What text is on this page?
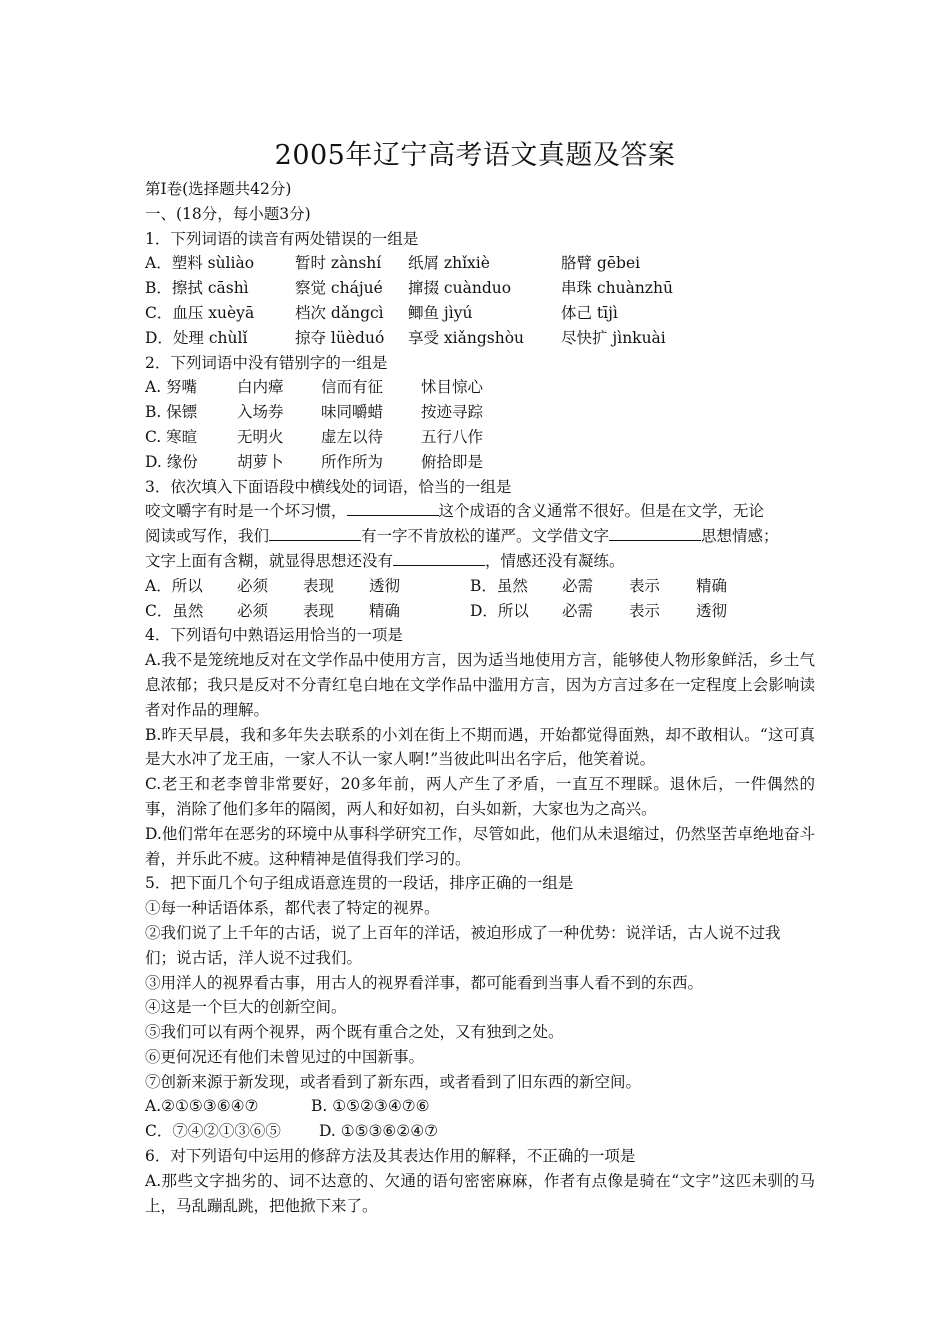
2005年辽宁高考语文真题及答案
第Ⅰ卷(选择题共42分)
一、(18分，每小题3分)
1．下列词语的读音有两处错误的一组是
A．塑料 sùliào	暂时 zànshí	纸屑 zhǐxiè	胳臂 gēbei
B．擦拭 cāshì	察觉 chájué	撺掇 cuànduo	串珠 chuànzhū
C．血压 xuèyā	档次 dǎngcì	鲫鱼 jìyú	体己 tījì
D．处理 chùlǐ	掠夺 lüèduó	享受 xiǎngshòu	尽快扩 jìnkuài
2．下列词语中没有错别字的一组是
A. 努嘴	白内瘴	信而有征	怵目惊心
B. 保镖	入场券	味同嚼蜡	按迹寻踪
C. 寒暄	无明火	虚左以待	五行八作
D. 缘份	胡萝卜	所作所为	俯拾即是
3．依次填入下面语段中横线处的词语，恰当的一组是
咬文嚼字有时是一个坏习惯，	这个成语的含义通常不很好。但是在文学，无论
阅读或写作，我们	有一字不肯放松的谨严。文学借文字	思想情感；
文字上面有含糊，就显得思想还没有	，情感还没有凝练。
A．所以	必须	表现	透彻	B．虽然	必需	表示	精确
C．虽然	必须	表现	精确	D．所以	必需	表示	透彻
4．下列语句中熟语运用恰当的一项是
A.我不是笼统地反对在文学作品中使用方言，因为适当地使用方言，能够使人物形象鲜活，乡土气息浓郁；我只是反对不分青红皂白地在文学作品中滥用方言，因为方言过多在一定程度上会影响读者对作品的理解。
B.昨天早晨，我和多年失去联系的小刘在街上不期而遇，开始都觉得面熟，却不敢相认。“这可真是大水冲了龙王庙，一家人不认一家人啊!”当彼此叫出名字后，他笑着说。
C.老王和老李曾非常要好，20多年前，两人产生了矛盾，一直互不理睬。退休后，一件偶然的事，消除了他们多年的隔阂，两人和好如初，白头如新，大家也为之高兴。
D.他们常年在恶劣的环境中从事科学研究工作，尽管如此，他们从未退缩过，仍然坚苦卓绝地奋斗着，并乐此不疲。这种精神是值得我们学习的。
5．把下面几个句子组成语意连贯的一段话，排序正确的一组是
①每一种话语体系，都代表了特定的视界。
②我们说了上千年的古话，说了上百年的洋话，被迫形成了一种优势：说洋话，古人说不过我
们；说古话，洋人说不过我们。
③用洋人的视界看古事，用古人的视界看洋事，都可能看到当事人看不到的东西。
④这是一个巨大的创新空间。
⑤我们可以有两个视界，两个既有重合之处，又有独到之处。
⑥更何况还有他们未曾见过的中国新事。
⑦创新来源于新发现，或者看到了新东西，或者看到了旧东西的新空间。
A.②①⑤③⑥④⑦	B. ①⑤②③④⑦⑥
C．⑦④②①③⑥⑤	D. ①⑤③⑥②④⑦
6．对下列语句中运用的修辞方法及其表达作用的解释，不正确的一项是
A.那些文字拙劣的、词不达意的、欠通的语句密密麻麻，作者有点像是骑在“文字”这匹未驯的马上，马乱蹦乱跳，把他掀下来了。
